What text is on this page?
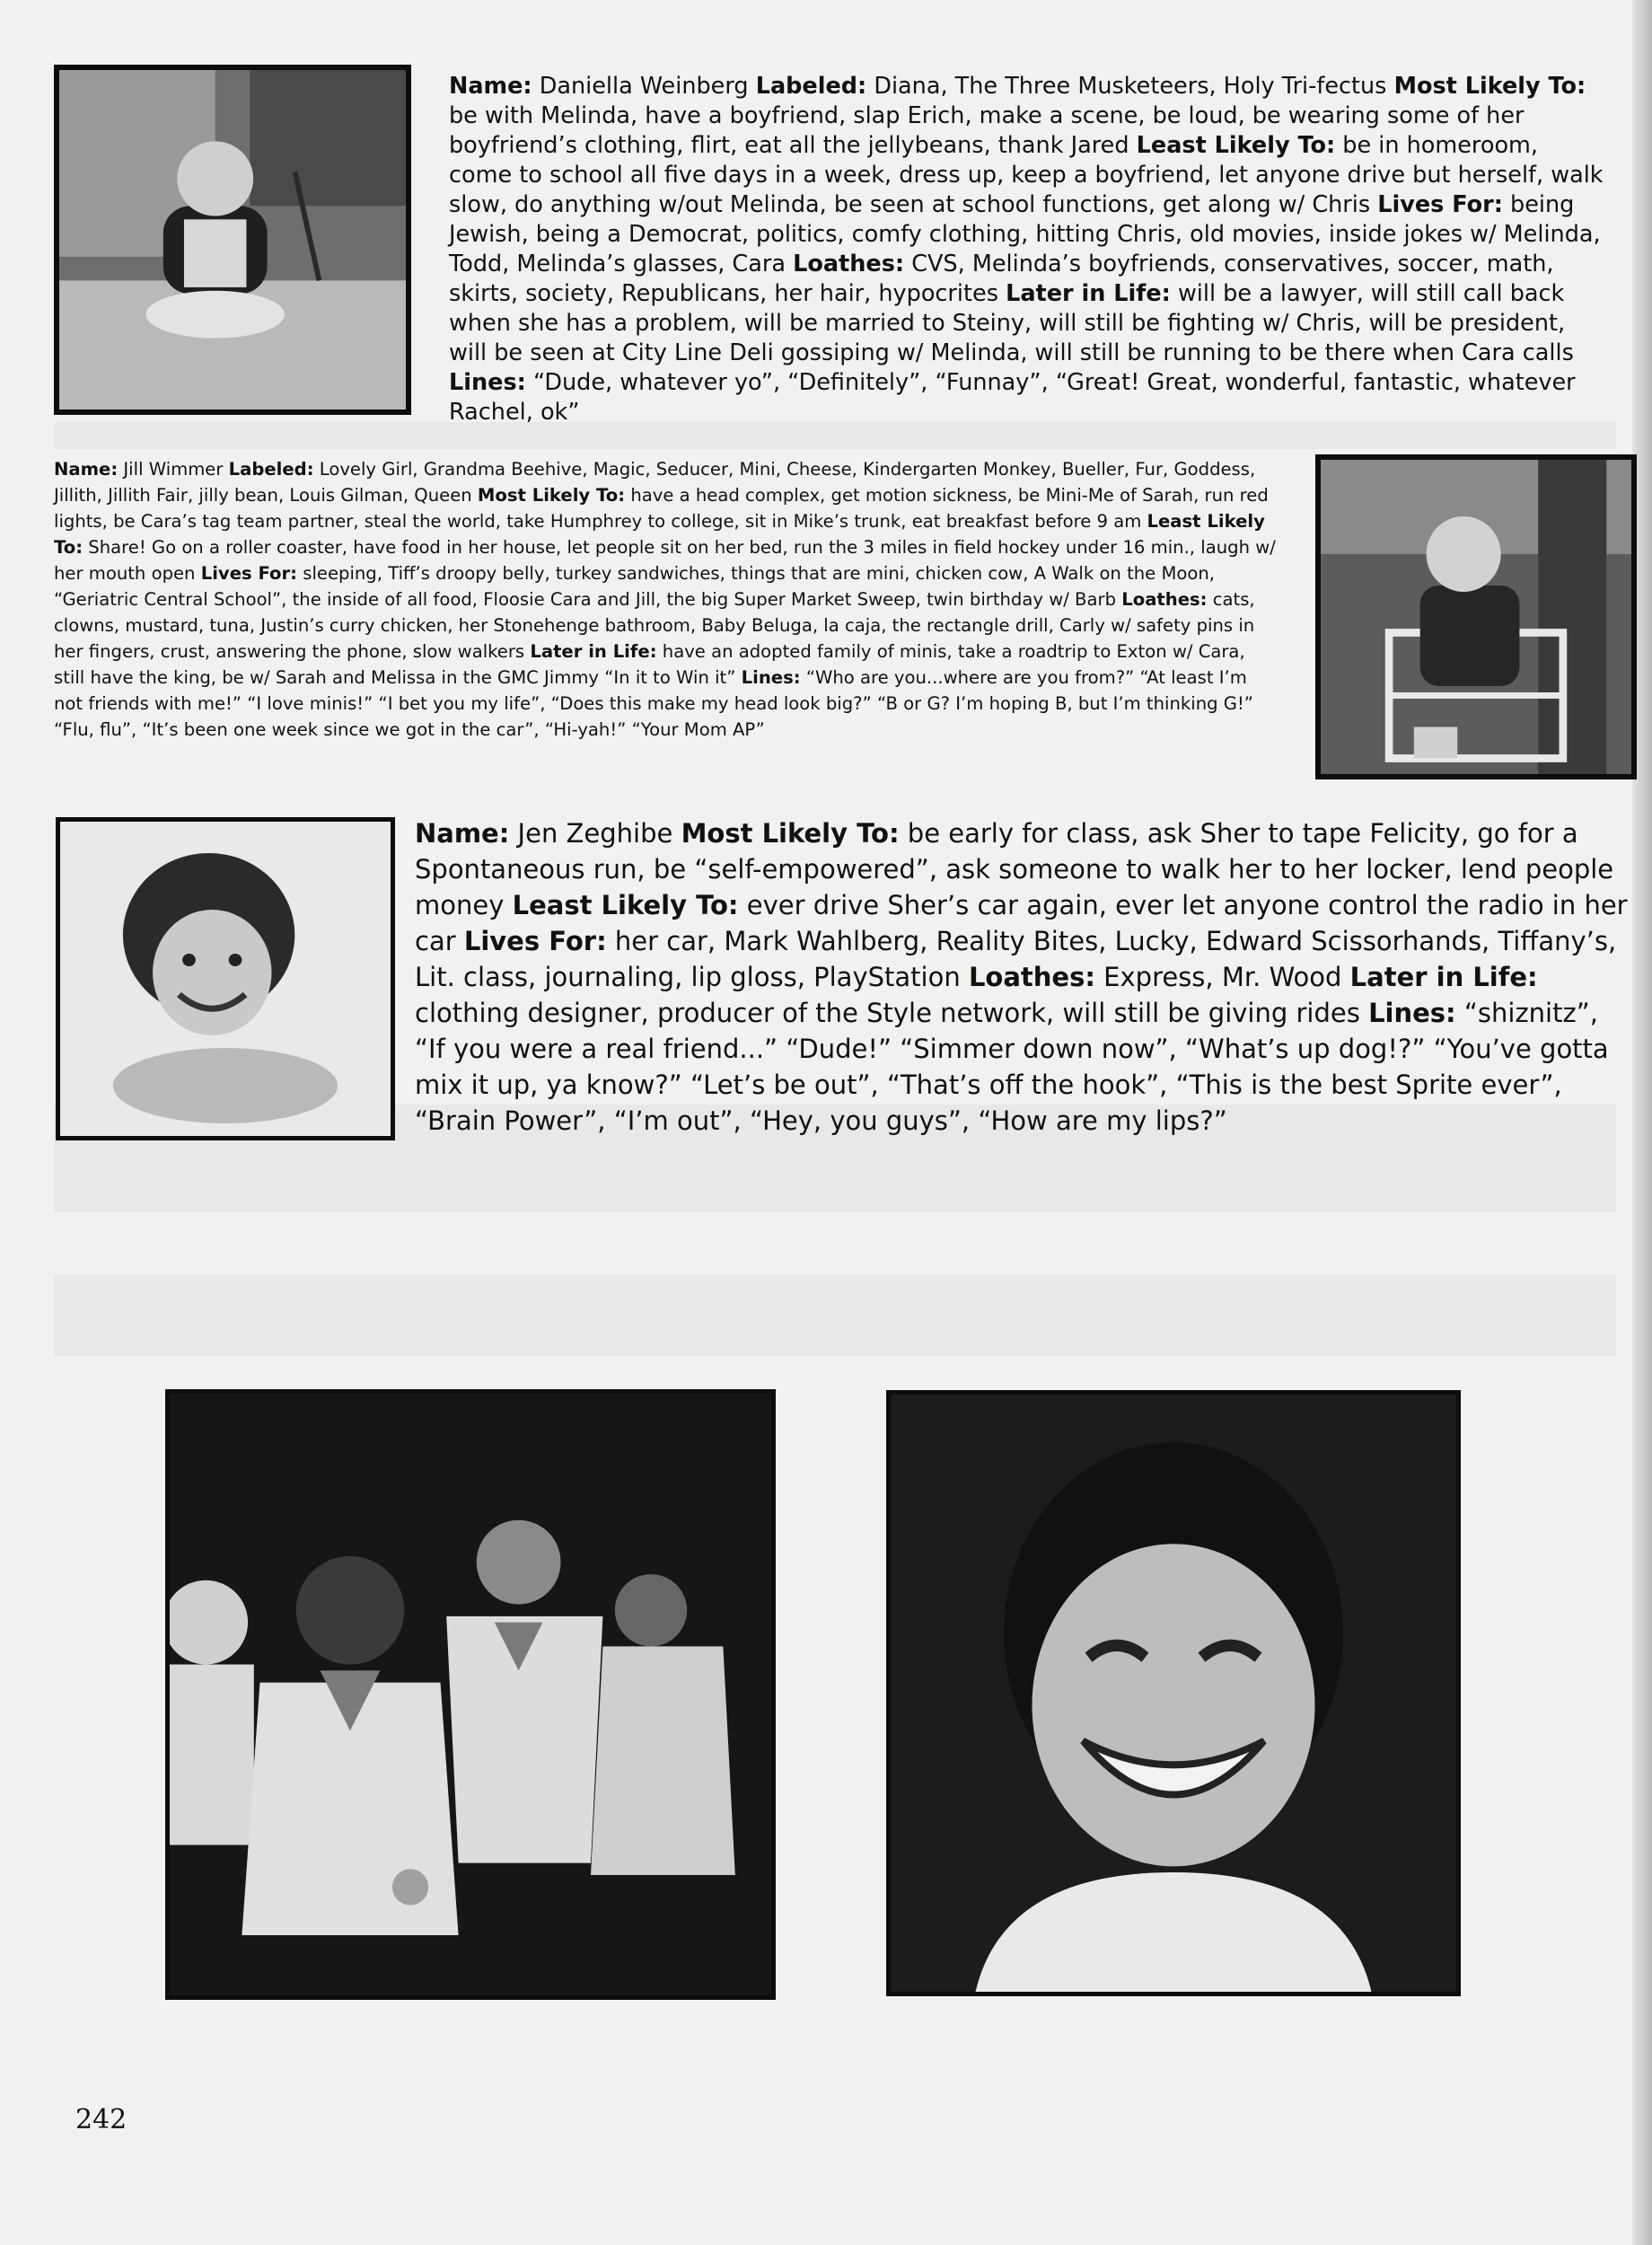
Name: Daniella Weinberg Labeled: Diana, The Three Musketeers, Holy Tri-fectus Most Likely To: be with Melinda, have a boyfriend, slap Erich, make a scene, be loud, be wearing some of her boyfriend’s clothing, flirt, eat all the jellybeans, thank Jared Least Likely To: be in homeroom, come to school all five days in a week, dress up, keep a boyfriend, let anyone drive but herself, walk slow, do anything w/out Melinda, be seen at school functions, get along w/ Chris Lives For: being Jewish, being a Democrat, politics, comfy clothing, hitting Chris, old movies, inside jokes w/ Melinda, Todd, Melinda’s glasses, Cara Loathes: CVS, Melinda’s boyfriends, conservatives, soccer, math, skirts, society, Republicans, her hair, hypocrites Later in Life: will be a lawyer, will still call back when she has a problem, will be married to Steiny, will still be fighting w/ Chris, will be president, will be seen at City Line Deli gossiping w/ Melinda, will still be running to be there when Cara calls Lines: “Dude, whatever yo”, “Definitely”, “Funnay”, “Great! Great, wonderful, fantastic, whatever Rachel, ok”
Name: Jill Wimmer Labeled: Lovely Girl, Grandma Beehive, Magic, Seducer, Mini, Cheese, Kindergarten Monkey, Bueller, Fur, Goddess, Jillith, Jillith Fair, jilly bean, Louis Gilman, Queen Most Likely To: have a head complex, get motion sickness, be Mini-Me of Sarah, run red lights, be Cara’s tag team partner, steal the world, take Humphrey to college, sit in Mike’s trunk, eat breakfast before 9 am Least Likely To: Share! Go on a roller coaster, have food in her house, let people sit on her bed, run the 3 miles in field hockey under 16 min., laugh w/ her mouth open Lives For: sleeping, Tiff’s droopy belly, turkey sandwiches, things that are mini, chicken cow, A Walk on the Moon, “Geriatric Central School”, the inside of all food, Floosie Cara and Jill, the big Super Market Sweep, twin birthday w/ Barb Loathes: cats, clowns, mustard, tuna, Justin’s curry chicken, her Stonehenge bathroom, Baby Beluga, la caja, the rectangle drill, Carly w/ safety pins in her fingers, crust, answering the phone, slow walkers Later in Life: have an adopted family of minis, take a roadtrip to Exton w/ Cara, still have the king, be w/ Sarah and Melissa in the GMC Jimmy “In it to Win it” Lines: “Who are you...where are you from?” “At least I’m not friends with me!” “I love minis!” “I bet you my life”, “Does this make my head look big?” “B or G? I’m hoping B, but I’m thinking G!” “Flu, flu”, “It’s been one week since we got in the car”, “Hi-yah!” “Your Mom AP”
Name: Jen Zeghibe Most Likely To: be early for class, ask Sher to tape Felicity, go for a Spontaneous run, be “self-empowered”, ask someone to walk her to her locker, lend people money Least Likely To: ever drive Sher’s car again, ever let anyone control the radio in her car Lives For: her car, Mark Wahlberg, Reality Bites, Lucky, Edward Scissorhands, Tiffany’s, Lit. class, journaling, lip gloss, PlayStation Loathes: Express, Mr. Wood Later in Life: clothing designer, producer of the Style network, will still be giving rides Lines: “shiznitz”, “If you were a real friend...” “Dude!” “Simmer down now”, “What’s up dog!?” “You’ve gotta mix it up, ya know?” “Let’s be out”, “That’s off the hook”, “This is the best Sprite ever”, “Brain Power”, “I’m out”, “Hey, you guys”, “How are my lips?”
242
